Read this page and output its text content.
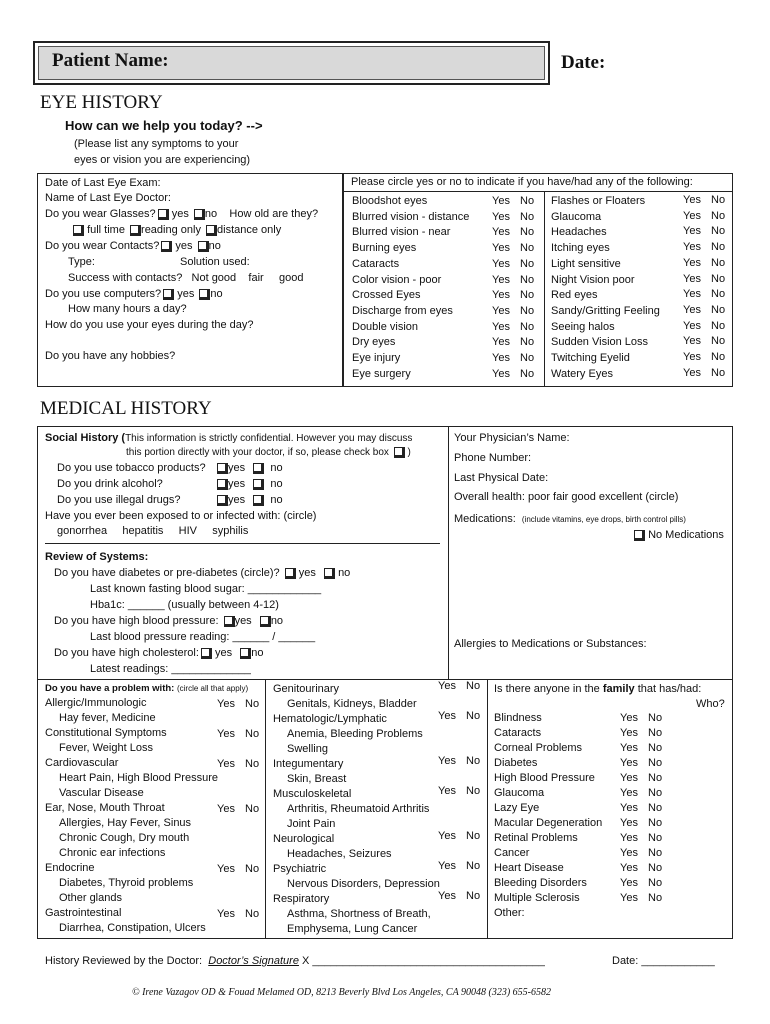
Patient Name:	Date:
EYE HISTORY
How can we help you today? -->
(Please list any symptoms to your
eyes or vision you are experiencing)
Date of Last Eye Exam:
Name of Last Eye Doctor:
Do you wear Glasses? yes no How old are they?
full time reading only distance only
Do you wear Contacts? yes no
Type:	Solution used:
Success with contacts? Not good fair good
Do you use computers? yes no
How many hours a day?
How do you use your eyes during the day?
Do you have any hobbies?
Please circle yes or no to indicate if you have/had any of the following:
Bloodshot eyes	Yes No
Blurred vision - distance Yes No
Blurred vision - near	Yes No
Burning eyes	Yes No
Cataracts	Yes No
Color vision - poor	Yes No
Crossed Eyes	Yes No
Discharge from eyes	Yes No
Double vision	Yes No
Dry eyes	Yes No
Eye injury	Yes No
Eye surgery	Yes No
Flashes or Floaters	Yes No
Glaucoma	Yes No
Headaches	Yes No
Itching eyes	Yes No
Light sensitive	Yes No
Night Vision poor	Yes No
Red eyes	Yes No
Sandy/Gritting Feeling Yes No
Seeing halos	Yes No
Sudden Vision Loss	Yes No
Twitching Eyelid	Yes No
Watery Eyes	Yes No
MEDICAL HISTORY
Social History (This information is strictly confidential. However you may discuss
this portion directly with your doctor, if so, please check box )
Do you use tobacco products?	yes no
Do you drink alcohol?	yes no
Do you use illegal drugs?	yes no
Have you ever been exposed to or infected with: (circle)
gonorrhea     hepatitis     HIV     syphilis
Review of Systems:
Do you have diabetes or pre-diabetes (circle)? yes no
Last known fasting blood sugar: ____________
Hba1c: ______ (usually between 4-12)
Do you have high blood pressure: yes no
Last blood pressure reading: ______ / ______
Do you have high cholesterol: yes no
Latest readings: _____________
Your Physician’s Name:
Phone Number:
Last Physical Date:
Overall health: poor fair good excellent (circle)
Medications: (include vitamins, eye drops, birth control pills)
No Medications
Allergies to Medications or Substances:
Do you have a problem with: (circle all that apply)	Is there anyone in the family that has/had:
Who?
Allergic/Immunologic	Yes No
Hay fever, Medicine
Constitutional Symptoms	Yes No
Fever, Weight Loss
Cardiovascular	Yes No
Heart Pain, High Blood Pressure
Vascular Disease
Ear, Nose, Mouth Throat	Yes No
Allergies, Hay Fever, Sinus
Chronic Cough, Dry mouth
Chronic ear infections
Endocrine	Yes No
Diabetes, Thyroid problems
Other glands
Gastrointestinal	Yes No
Diarrhea, Constipation, Ulcers
Genitourinary	Yes No
Genitals, Kidneys, Bladder
Hematologic/Lymphatic	Yes No
Anemia, Bleeding Problems
Swelling
Integumentary	Yes No
Skin, Breast
Musculoskeletal	Yes No
Arthritis, Rheumatoid Arthritis
Joint Pain
Neurological	Yes No
Headaches, Seizures
Psychiatric	Yes No
Nervous Disorders, Depression
Respiratory	Yes No
Asthma, Shortness of Breath,
Emphysema, Lung Cancer
Blindness	Yes No
Cataracts	Yes No
Corneal Problems	Yes No
Diabetes	Yes No
High Blood Pressure Yes No
Glaucoma	Yes No
Lazy Eye	Yes No
Macular Degeneration Yes No
Retinal Problems	Yes No
Cancer	Yes No
Heart Disease	Yes No
Bleeding Disorders	Yes No
Multiple Sclerosis	Yes No
Other:
History Reviewed by the Doctor: Doctor’s Signature X ______________________________________	Date: ____________
© Irene Vazagov OD & Fouad Melamed OD, 8213 Beverly Blvd Los Angeles, CA 90048 (323) 655-6582
